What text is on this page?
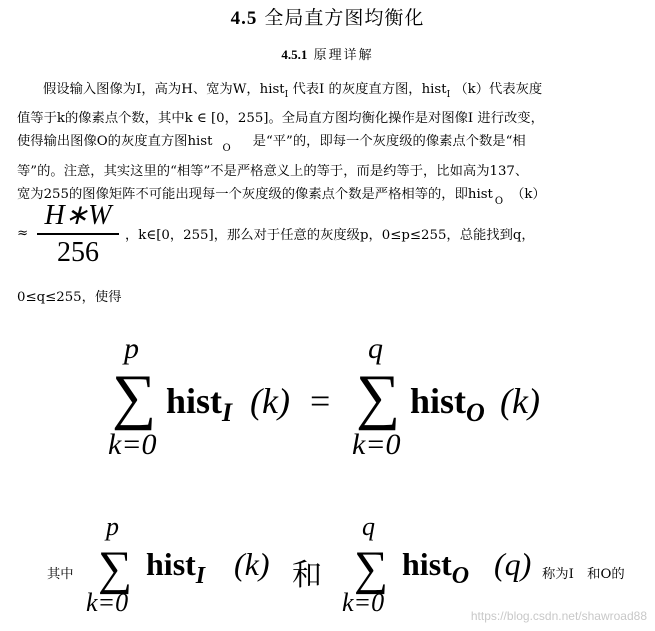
4.5 全局直方图均衡化
4.5.1 原理详解
假设输入图像为I，高为H、宽为W，hist$_I$ 代表I 的灰度直方图，hist$_I$ （k）代表灰度
值等于k的像素点个数，其中k ∈ [0，255]。全局直方图均衡化操作是对图像I 进行改变，
使得输出图像O的灰度直方图hist O 是“平”的，即每一个灰度级的像素点个数是“相
等”的。注意，其实这里的“相等”不是严格意义上的等于，而是约等于，比如高为137、
宽为255的图像矩阵不可能出现每一个灰度级的像素点个数是严格相等的，即hist O （k）
≈
H∗W
256
，k∈[0，255]，那么对于任意的灰度级p，0≤p≤255，总能找到q，
0≤q≤255，使得
p
∑
k=0
hist$_I$ (k) =
q
∑
k=0
hist$_O$ (k)
其中
p
∑
k=0
hist$_I$ (k) 和
q
∑
k=0
hist$_O$ (q) 称为I　和O的
https://blog.csdn.net/shawroad88
